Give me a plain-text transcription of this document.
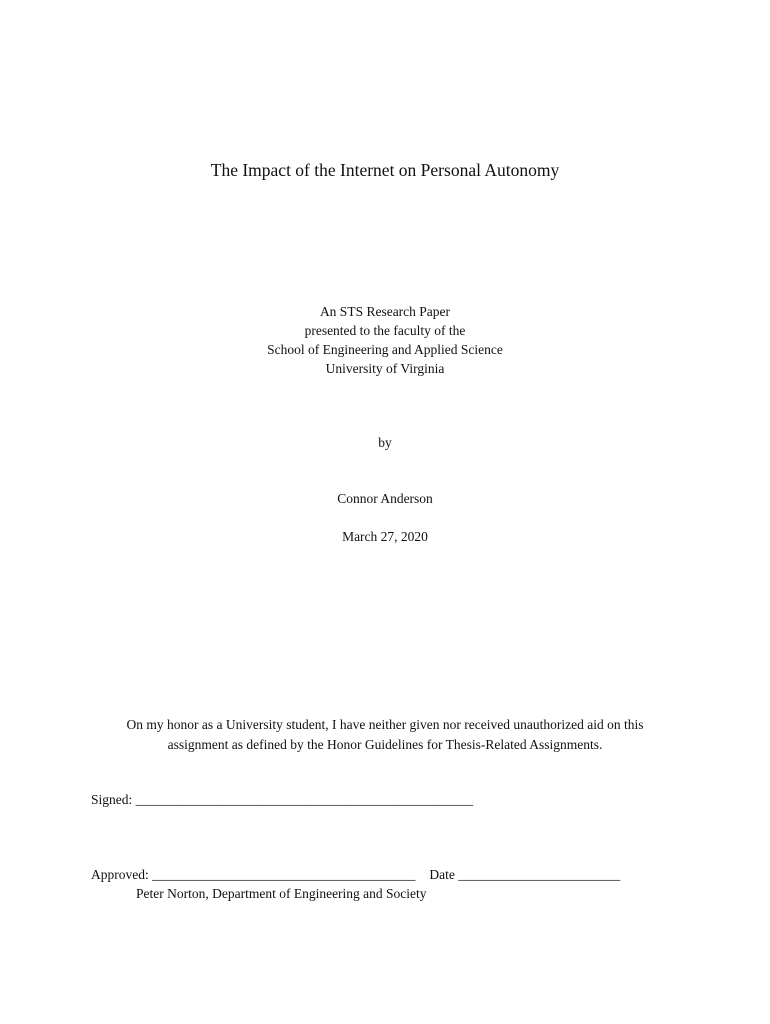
The Impact of the Internet on Personal Autonomy
An STS Research Paper
presented to the faculty of the
School of Engineering and Applied Science
University of Virginia
by
Connor Anderson
March 27, 2020
On my honor as a University student, I have neither given nor received unauthorized aid on this
assignment as defined by the Honor Guidelines for Thesis-Related Assignments.
Signed: __________________________________________________
Approved: _______________________________________ Date ________________________
Peter Norton, Department of Engineering and Society
